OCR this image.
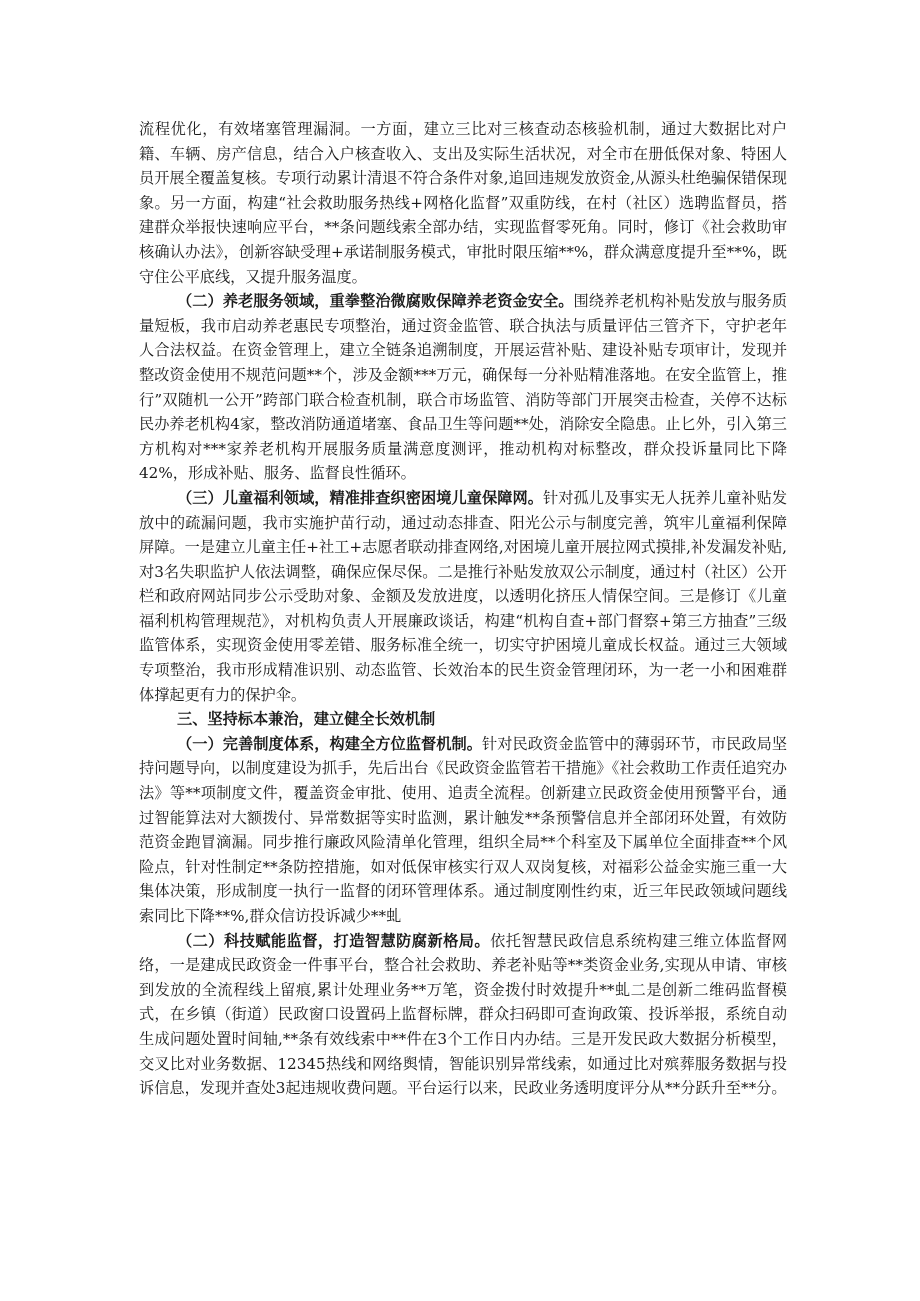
流程优化，有效堵塞管理漏洞。一方面，建立三比对三核查动态核验机制，通过大数据比对户籍、车辆、房产信息，结合入户核查收入、支出及实际生活状况，对全市在册低保对象、特困人员开展全覆盖复核。专项行动累计清退不符合条件对象,追回违规发放资金,从源头杜绝骗保错保现象。另一方面，构建“社会救助服务热线+网格化监督”双重防线，在村（社区）选聘监督员，搭建群众举报快速响应平台，**条问题线索全部办结，实现监督零死角。同时，修订《社会救助审核确认办法》，创新容缺受理+承诺制服务模式，审批时限压缩**%，群众满意度提升至**%，既守住公平底线，又提升服务温度。

（二）养老服务领域，重拳整治微腐败保障养老资金安全。围绕养老机构补贴发放与服务质量短板，我市启动养老惠民专项整治，通过资金监管、联合执法与质量评估三管齐下，守护老年人合法权益。在资金管理上，建立全链条追溯制度，开展运营补贴、建设补贴专项审计，发现并整改资金使用不规范问题**个，涉及金额***万元，确保每一分补贴精准落地。在安全监管上，推行”双随机一公开”跨部门联合检查机制，联合市场监管、消防等部门开展突击检查，关停不达标民办养老机构4家，整改消防通道堵塞、食品卫生等问题**处，消除安全隐患。止匕外，引入第三方机构对***家养老机构开展服务质量满意度测评，推动机构对标整改，群众投诉量同比下降42%，形成补贴、服务、监督良性循环。

（三）儿童福利领域，精准排查织密困境儿童保障网。针对孤儿及事实无人抚养儿童补贴发放中的疏漏问题，我市实施护苗行动，通过动态排查、阳光公示与制度完善，筑牢儿童福利保障屏障。一是建立儿童主任+社工+志愿者联动排查网络,对困境儿童开展拉网式摸排,补发漏发补贴,对3名失职监护人依法调整，确保应保尽保。二是推行补贴发放双公示制度，通过村（社区）公开栏和政府网站同步公示受助对象、金额及发放进度，以透明化挤压人情保空间。三是修订《儿童福利机构管理规范》，对机构负责人开展廉政谈话，构建“机构自查+部门督察+第三方抽查”三级监管体系，实现资金使用零差错、服务标准全统一，切实守护困境儿童成长权益。通过三大领域专项整治，我市形成精准识别、动态监管、长效治本的民生资金管理闭环，为一老一小和困难群体撑起更有力的保护伞。

三、坚持标本兼治，建立健全长效机制

（一）完善制度体系，构建全方位监督机制。针对民政资金监管中的薄弱环节，市民政局坚持问题导向，以制度建设为抓手，先后出台《民政资金监管若干措施》《社会救助工作责任追究办法》等**项制度文件，覆盖资金审批、使用、追责全流程。创新建立民政资金使用预警平台，通过智能算法对大额拨付、异常数据等实时监测，累计触发**条预警信息并全部闭环处置，有效防范资金跑冒滴漏。同步推行廉政风险清单化管理，组织全局**个科室及下属单位全面排查**个风险点，针对性制定**条防控措施，如对低保审核实行双人双岗复核，对福彩公益金实施三重一大集体决策，形成制度一执行一监督的闭环管理体系。通过制度刚性约束，近三年民政领域问题线索同比下降**%,群众信访投诉减少**虬

（二）科技赋能监督，打造智慧防腐新格局。依托智慧民政信息系统构建三维立体监督网络，一是建成民政资金一件事平台，整合社会救助、养老补贴等**类资金业务,实现从申请、审核到发放的全流程线上留痕,累计处理业务**万笔，资金拨付时效提升**虬二是创新二维码监督模式，在乡镇（街道）民政窗口设置码上监督标牌，群众扫码即可查询政策、投诉举报，系统自动生成问题处置时间轴,**条有效线索中**件在3个工作日内办结。三是开发民政大数据分析模型，交叉比对业务数据、12345热线和网络舆情，智能识别异常线索，如通过比对殡葬服务数据与投诉信息，发现并查处3起违规收费问题。平台运行以来，民政业务透明度评分从**分跃升至**分。
